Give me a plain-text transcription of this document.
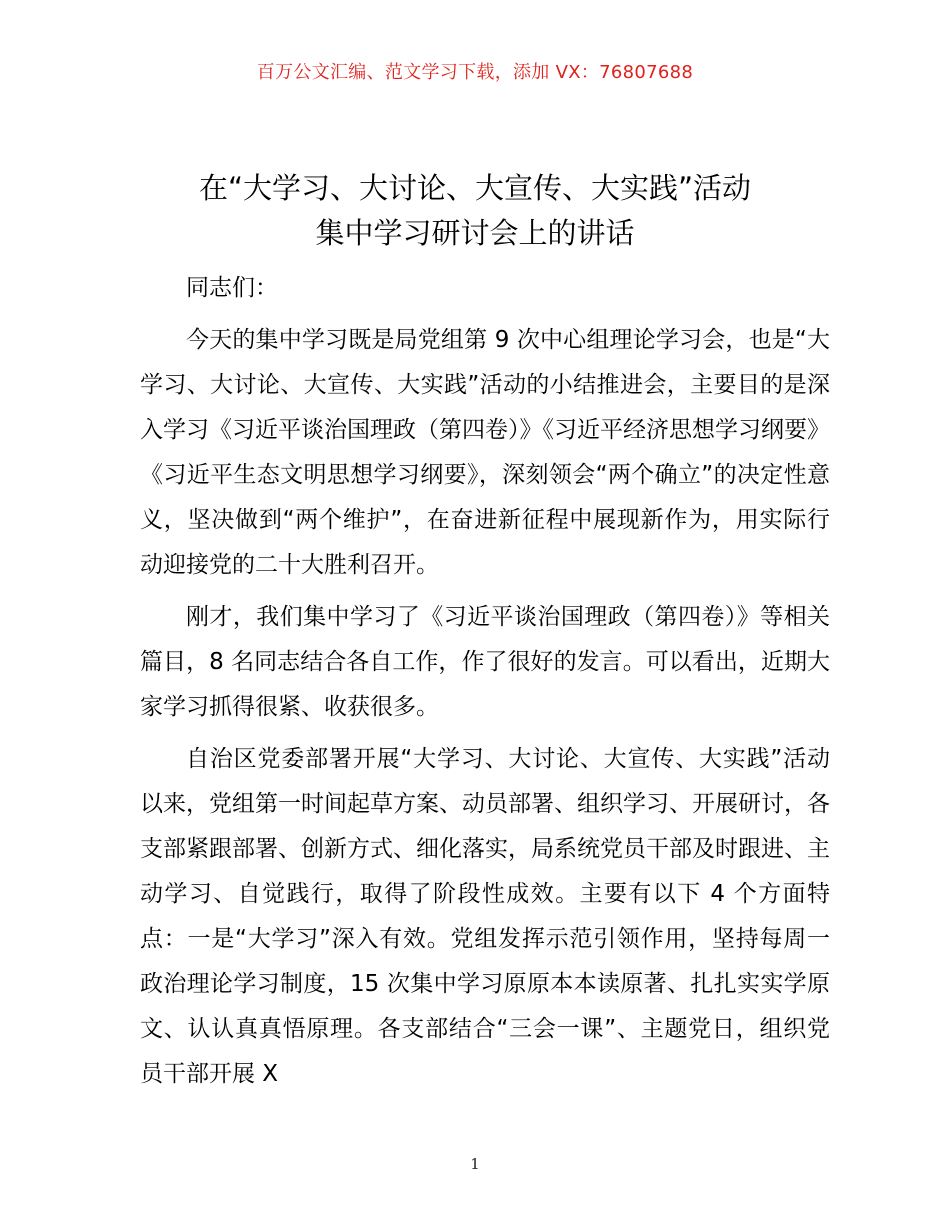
百万公文汇编、范文学习下载，添加 VX：76807688
在“大学习、大讨论、大宣传、大实践”活动
集中学习研讨会上的讲话

同志们：

今天的集中学习既是局党组第 9 次中心组理论学习会，也是“大学习、大讨论、大宣传、大实践”活动的小结推进会，主要目的是深入学习《习近平谈治国理政（第四卷）》《习近平经济思想学习纲要》《习近平生态文明思想学习纲要》，深刻领会“两个确立”的决定性意义，坚决做到“两个维护”，在奋进新征程中展现新作为，用实际行动迎接党的二十大胜利召开。

刚才，我们集中学习了《习近平谈治国理政（第四卷）》等相关篇目，8 名同志结合各自工作，作了很好的发言。可以看出，近期大家学习抓得很紧、收获很多。

自治区党委部署开展“大学习、大讨论、大宣传、大实践”活动以来，党组第一时间起草方案、动员部署、组织学习、开展研讨，各支部紧跟部署、创新方式、细化落实，局系统党员干部及时跟进、主动学习、自觉践行，取得了阶段性成效。主要有以下 4 个方面特点：一是“大学习”深入有效。党组发挥示范引领作用，坚持每周一政治理论学习制度，15 次集中学习原原本本读原著、扎扎实实学原文、认认真真悟原理。各支部结合“三会一课”、主题党日，组织党员干部开展 X

1
